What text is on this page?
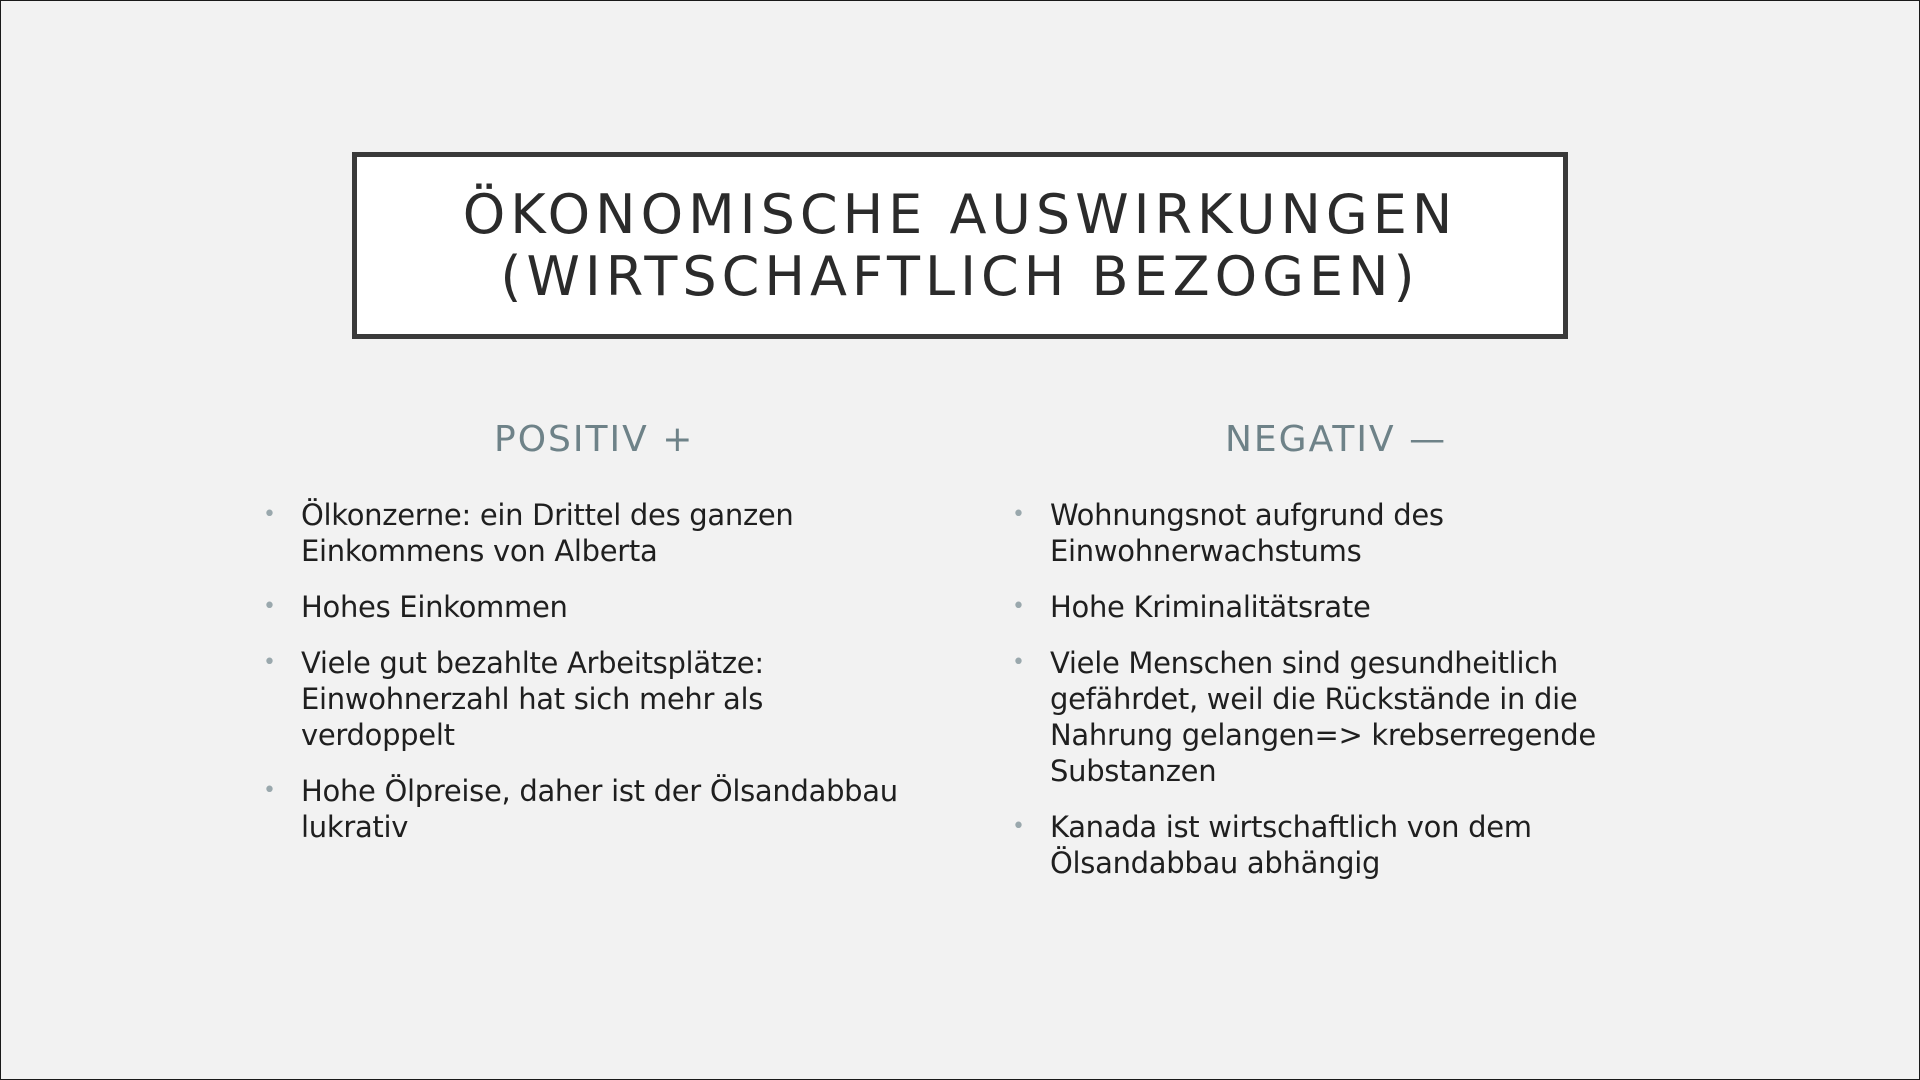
ÖKONOMISCHE AUSWIRKUNGEN
(WIRTSCHAFTLICH BEZOGEN)
POSITIV +	NEGATIV —
• Ölkonzerne: ein Drittel des ganzen Einkommens von Alberta
• Hohes Einkommen
• Viele gut bezahlte Arbeitsplätze: Einwohnerzahl hat sich mehr als verdoppelt
• Hohe Ölpreise, daher ist der Ölsandabbau lukrativ
• Wohnungsnot aufgrund des Einwohnerwachstums
• Hohe Kriminalitätsrate
• Viele Menschen sind gesundheitlich gefährdet, weil die Rückstände in die Nahrung gelangen=> krebserregende Substanzen
• Kanada ist wirtschaftlich von dem Ölsandabbau abhängig
